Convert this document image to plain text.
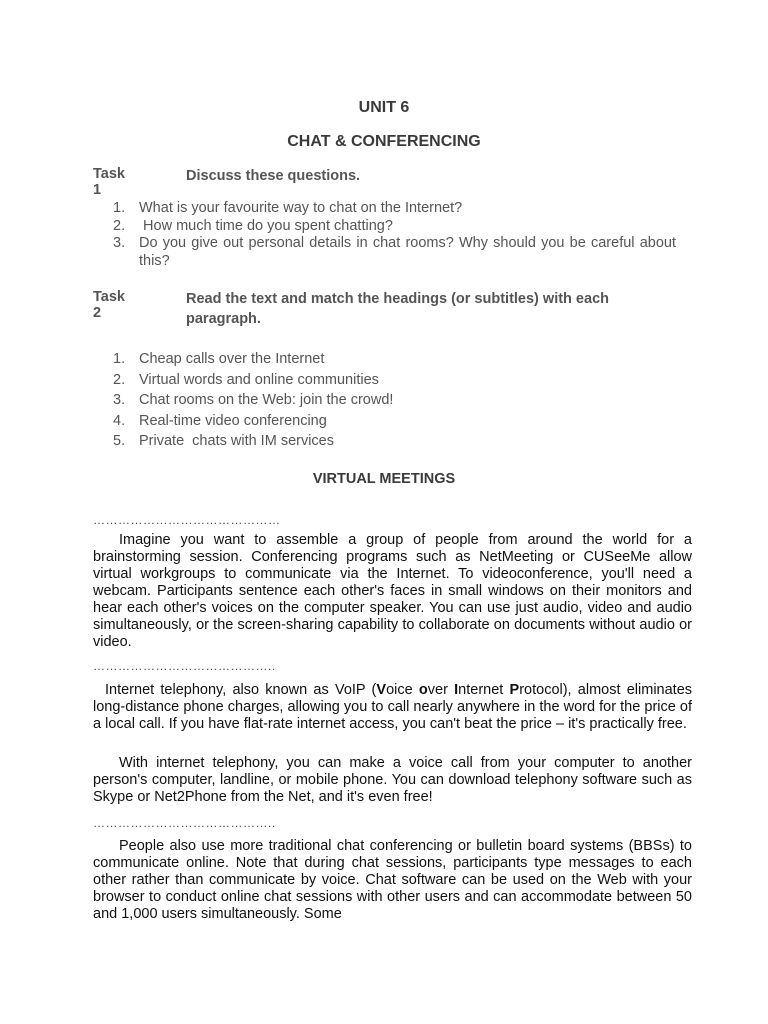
UNIT 6
CHAT & CONFERENCING
Task 1
Discuss these questions.
1. What is your favourite way to chat on the Internet?
2. How much time do you spent chatting?
3. Do you give out personal details in chat rooms? Why should you be careful about this?
Task 2
Read the text and match the headings (or subtitles) with each paragraph.
1. Cheap calls over the Internet
2. Virtual words and online communities
3. Chat rooms on the Web: join the crowd!
4. Real-time video conferencing
5. Private  chats with IM services
VIRTUAL MEETINGS
………………………………………

Imagine you want to assemble a group of people from around the world for a brainstorming session. Conferencing programs such as NetMeeting or CUSeeMe allow virtual workgroups to communicate via the Internet. To videoconference, you'll need a webcam. Participants sentence each other's faces in small windows on their monitors and hear each other's voices on the computer speaker. You can use just audio, video and audio simultaneously, or the screen-sharing capability to collaborate on documents without audio or video.

……………………………………..

Internet telephony, also known as VoIP (Voice over Internet Protocol), almost eliminates long-distance phone charges, allowing you to call nearly anywhere in the word for the price of a local call. If you have flat-rate internet access, you can't beat the price – it's practically free.

With internet telephony, you can make a voice call from your computer to another person's computer, landline, or mobile phone. You can download telephony software such as Skype or Net2Phone from the Net, and it's even free!

……………………………………..

People also use more traditional chat conferencing or bulletin board systems (BBSs) to communicate online. Note that during chat sessions, participants type messages to each other rather than communicate by voice. Chat software can be used on the Web with your browser to conduct online chat sessions with other users and can accommodate between 50 and 1,000 users simultaneously. Some
